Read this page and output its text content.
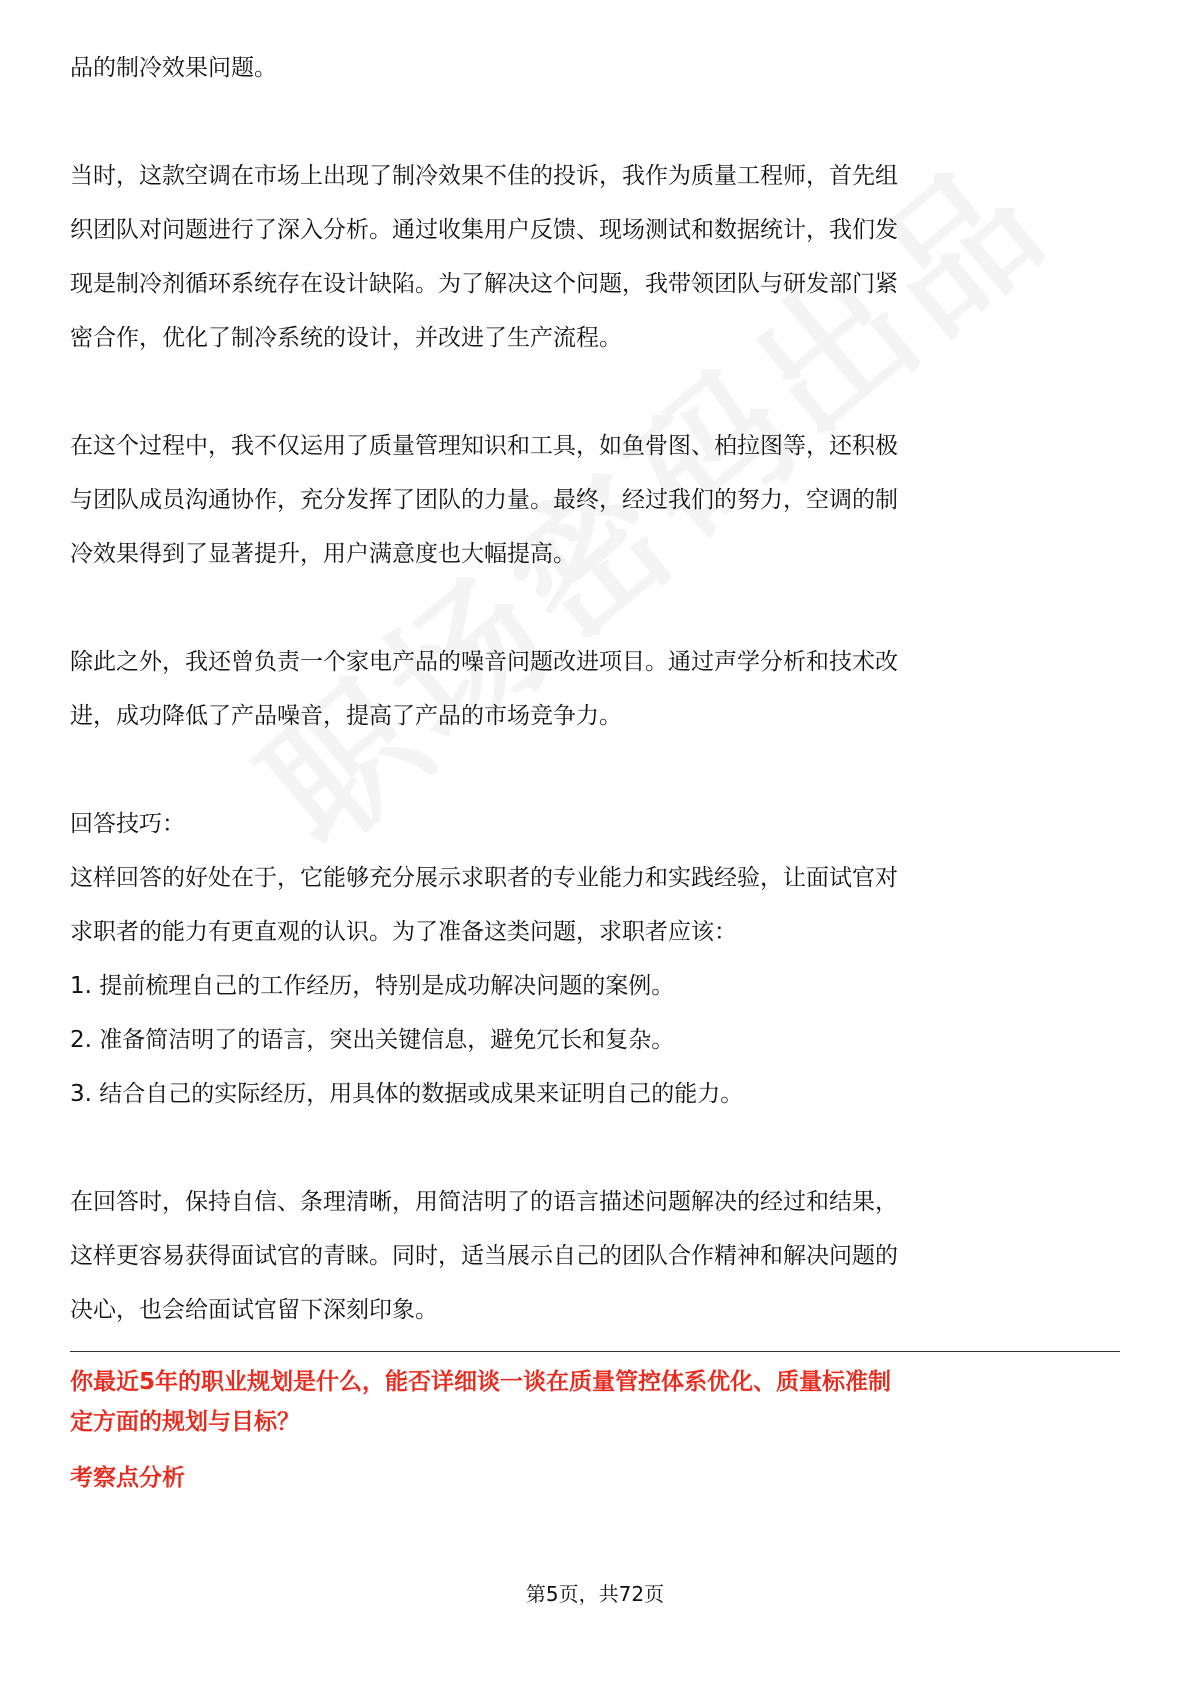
品的制冷效果问题。
当时，这款空调在市场上出现了制冷效果不佳的投诉，我作为质量工程师，首先组
织团队对问题进行了深入分析。通过收集用户反馈、现场测试和数据统计，我们发
现是制冷剂循环系统存在设计缺陷。为了解决这个问题，我带领团队与研发部门紧
密合作，优化了制冷系统的设计，并改进了生产流程。
在这个过程中，我不仅运用了质量管理知识和工具，如鱼骨图、柏拉图等，还积极
与团队成员沟通协作，充分发挥了团队的力量。最终，经过我们的努力，空调的制
冷效果得到了显著提升，用户满意度也大幅提高。
除此之外，我还曾负责一个家电产品的噪音问题改进项目。通过声学分析和技术改
进，成功降低了产品噪音，提高了产品的市场竞争力。
回答技巧：
这样回答的好处在于，它能够充分展示求职者的专业能力和实践经验，让面试官对
求职者的能力有更直观的认识。为了准备这类问题，求职者应该：
1. 提前梳理自己的工作经历，特别是成功解决问题的案例。
2. 准备简洁明了的语言，突出关键信息，避免冗长和复杂。
3. 结合自己的实际经历，用具体的数据或成果来证明自己的能力。
在回答时，保持自信、条理清晰，用简洁明了的语言描述问题解决的经过和结果，
这样更容易获得面试官的青睐。同时，适当展示自己的团队合作精神和解决问题的
决心，也会给面试官留下深刻印象。
你最近5年的职业规划是什么，能否详细谈一谈在质量管控体系优化、质量标准制
定方面的规划与目标？
考察点分析
第5页，共72页
